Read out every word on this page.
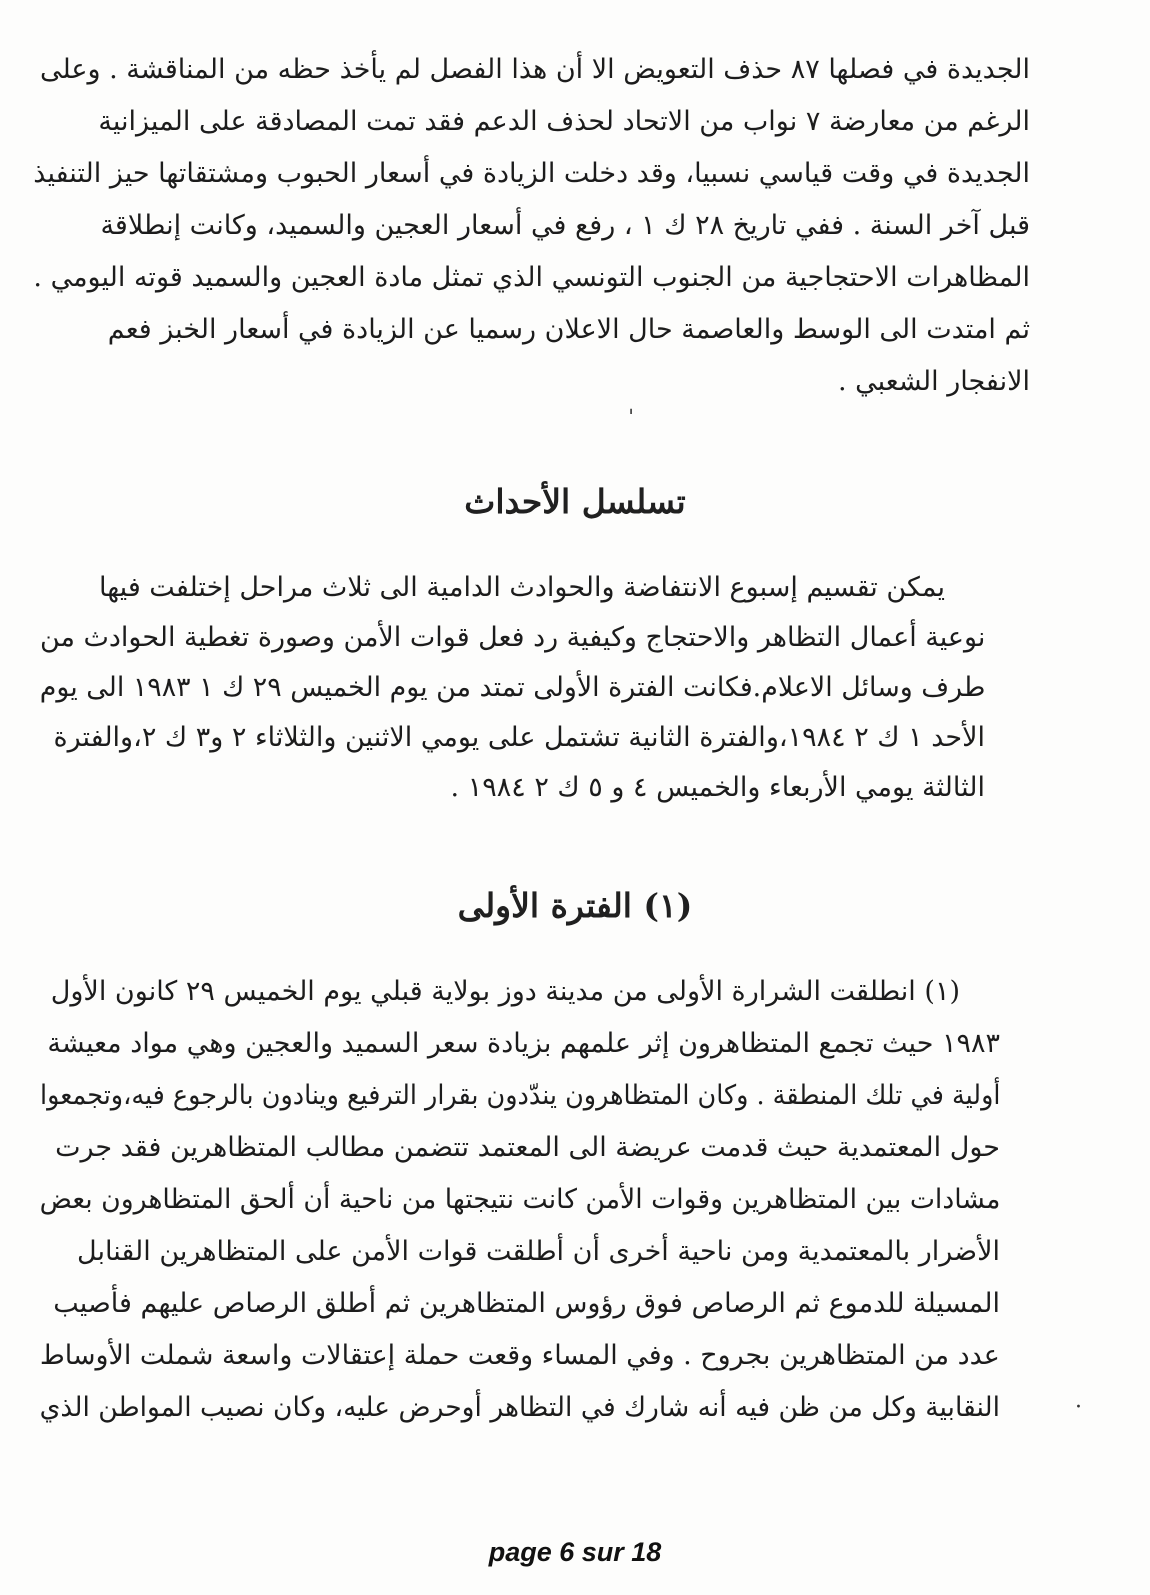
الجديدة في فصلها ٨٧ حذف التعويض الا أن هذا الفصل لم يأخذ حظه من المناقشة . وعلى
الرغم من معارضة ٧ نواب من الاتحاد لحذف الدعم فقد تمت المصادقة على الميزانية
الجديدة في وقت قياسي نسبيا، وقد دخلت الزيادة في أسعار الحبوب ومشتقاتها حيز التنفيذ
قبل آخر السنة . ففي تاريخ ٢٨ ك ١ ، رفع في أسعار العجين والسميد، وكانت إنطلاقة
المظاهرات الاحتجاجية من الجنوب التونسي الذي تمثل مادة العجين والسميد قوته اليومي .
ثم امتدت الى الوسط والعاصمة حال الاعلان رسميا عن الزيادة في أسعار الخبز فعم
الانفجار الشعبي .
تسلسل الأحداث
يمكن تقسيم إسبوع الانتفاضة والحوادث الدامية الى ثلاث مراحل إختلفت فيها
نوعية أعمال التظاهر والاحتجاج وكيفية رد فعل قوات الأمن وصورة تغطية الحوادث من
طرف وسائل الاعلام.فكانت الفترة الأولى تمتد من يوم الخميس ٢٩ ك ١ ١٩٨٣ الى يوم
الأحد ١ ك ٢ ١٩٨٤،والفترة الثانية تشتمل على يومي الاثنين والثلاثاء ٢ و٣ ك ٢،والفترة
الثالثة يومي الأربعاء والخميس ٤ و ٥ ك ٢ ١٩٨٤ .
(١) الفترة الأولى
(١) انطلقت الشرارة الأولى من مدينة دوز بولاية قبلي يوم الخميس ٢٩ كانون الأول
١٩٨٣ حيث تجمع المتظاهرون إثر علمهم بزيادة سعر السميد والعجين وهي مواد معيشة
أولية في تلك المنطقة . وكان المتظاهرون يندّدون بقرار الترفيع وينادون بالرجوع فيه،وتجمعوا
حول المعتمدية حيث قدمت عريضة الى المعتمد تتضمن مطالب المتظاهرين فقد جرت
مشادات بين المتظاهرين وقوات الأمن كانت نتيجتها من ناحية أن ألحق المتظاهرون بعض
الأضرار بالمعتمدية ومن ناحية أخرى أن أطلقت قوات الأمن على المتظاهرين القنابل
المسيلة للدموع ثم الرصاص فوق رؤوس المتظاهرين ثم أطلق الرصاص عليهم فأصيب
عدد من المتظاهرين بجروح . وفي المساء وقعت حملة إعتقالات واسعة شملت الأوساط
النقابية وكل من ظن فيه أنه شارك في التظاهر أوحرض عليه، وكان نصيب المواطن الذي
ˌ
·
page 6 sur 18
